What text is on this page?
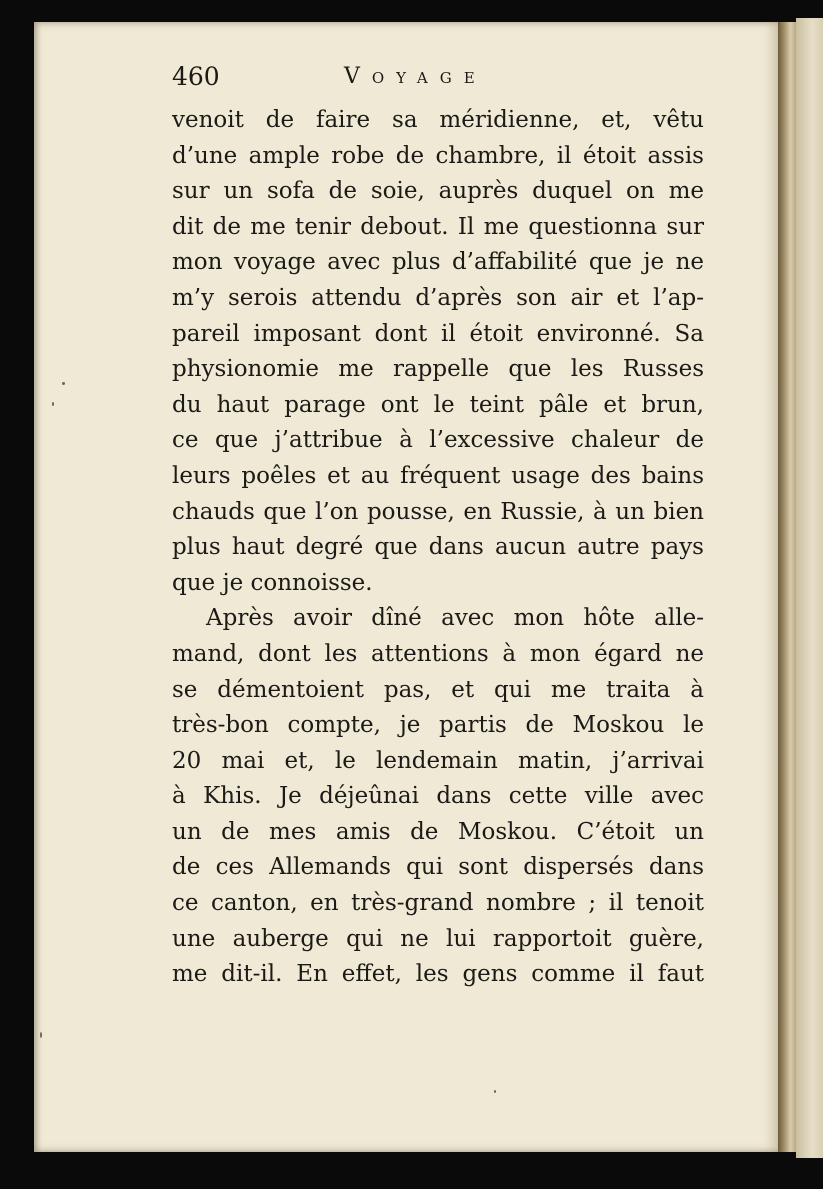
460	Voyage
venoit de faire sa méridienne, et, vêtu
d’une ample robe de chambre, il étoit assis
sur un sofa de soie, auprès duquel on me
dit de me tenir debout. Il me questionna sur
mon voyage avec plus d’affabilité que je ne
m’y serois attendu d’après son air et l’ap-
pareil imposant dont il étoit environné. Sa
physionomie me rappelle que les Russes
du haut parage ont le teint pâle et brun,
ce que j’attribue à l’excessive chaleur de
leurs poêles et au fréquent usage des bains
chauds que l’on pousse, en Russie, à un bien
plus haut degré que dans aucun autre pays
que je connoisse.
Après avoir dîné avec mon hôte alle-
mand, dont les attentions à mon égard ne
se démentoient pas, et qui me traita à
très-bon compte, je partis de Moskou le
20 mai et, le lendemain matin, j’arrivai
à Khis. Je déjeûnai dans cette ville avec
un de mes amis de Moskou. C’étoit un
de ces Allemands qui sont dispersés dans
ce canton, en très-grand nombre ; il tenoit
une auberge qui ne lui rapportoit guère,
me dit-il. En effet, les gens comme il faut
